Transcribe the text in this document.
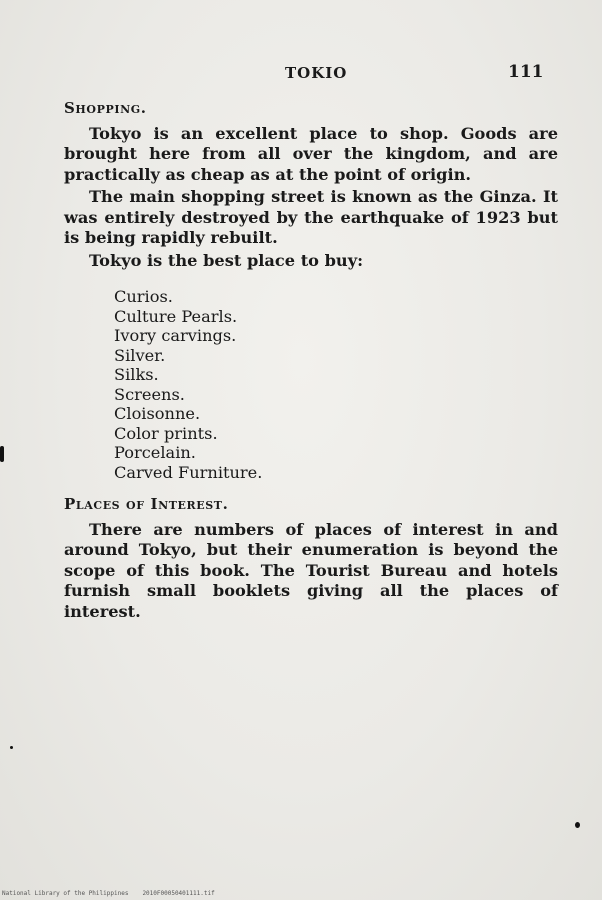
TOKIO	111
Shopping.

Tokyo is an excellent place to shop. Goods are brought here from all over the kingdom, and are practically as cheap as at the point of origin.

The main shopping street is known as the Ginza. It was entirely destroyed by the earthquake of 1923 but is being rapidly rebuilt.

Tokyo is the best place to buy:

Curios.
Culture Pearls.
Ivory carvings.
Silver.
Silks.
Screens.
Cloisonne.
Color prints.
Porcelain.
Carved Furniture.
Places of Interest.

There are numbers of places of interest in and around Tokyo, but their enumeration is beyond the scope of this book. The Tourist Bureau and hotels furnish small booklets giving all the places of interest.

National Library of the Philippines 2010F00050401111.tif
